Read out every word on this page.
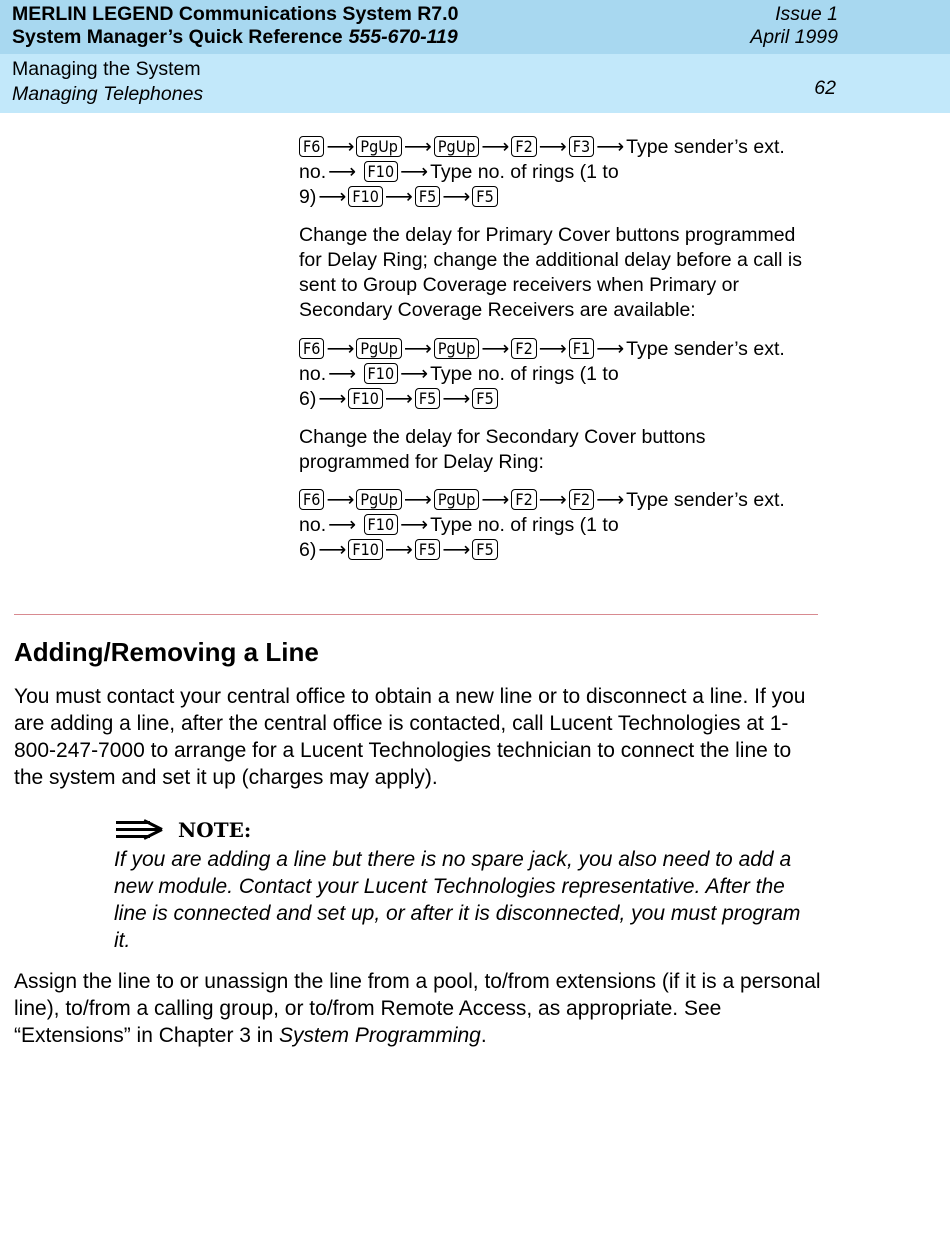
MERLIN LEGEND Communications System R7.0
System Manager’s Quick Reference 555-670-119
Issue 1
April 1999
Managing the System
Managing Telephones	62
F6 ⟶ PgUp ⟶ PgUp ⟶ F2 ⟶ F3 ⟶ Type sender’s ext.
no. ⟶ F10 ⟶ Type no. of rings (1 to
9) ⟶ F10 ⟶ F5 ⟶ F5
Change the delay for Primary Cover buttons programmed for Delay Ring; change the additional delay before a call is sent to Group Coverage receivers when Primary or Secondary Coverage Receivers are available:
F6 ⟶ PgUp ⟶ PgUp ⟶ F2 ⟶ F1 ⟶ Type sender’s ext.
no. ⟶ F10 ⟶ Type no. of rings (1 to
6) ⟶ F10 ⟶ F5 ⟶ F5
Change the delay for Secondary Cover buttons programmed for Delay Ring:
F6 ⟶ PgUp ⟶ PgUp ⟶ F2 ⟶ F2 ⟶ Type sender’s ext.
no. ⟶ F10 ⟶ Type no. of rings (1 to
6) ⟶ F10 ⟶ F5 ⟶ F5
Adding/Removing a Line
You must contact your central office to obtain a new line or to disconnect a line. If you are adding a line, after the central office is contacted, call Lucent Technologies at 1-800-247-7000 to arrange for a Lucent Technologies technician to connect the line to the system and set it up (charges may apply).
NOTE:
If you are adding a line but there is no spare jack, you also need to add a new module. Contact your Lucent Technologies representative. After the line is connected and set up, or after it is disconnected, you must program it.
Assign the line to or unassign the line from a pool, to/from extensions (if it is a personal line), to/from a calling group, or to/from Remote Access, as appropriate. See “Extensions” in Chapter 3 in System Programming.
